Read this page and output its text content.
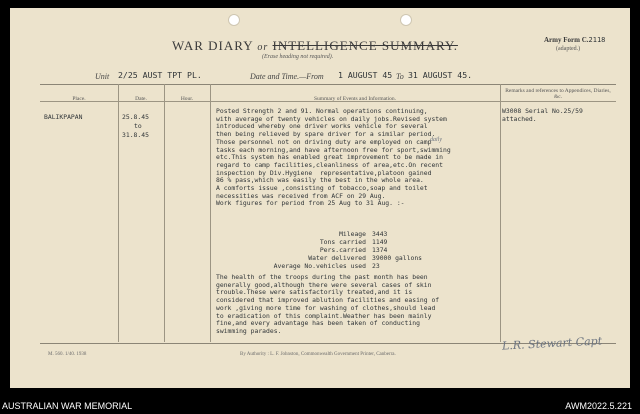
WAR DIARY or INTELLIGENCE SUMMARY.
(Erase heading not required).
Army Form C.2118
(adapted.)
Unit 2/25 AUST TPT PL.	Date and Time.—From 1 AUGUST 45 To 31 AUGUST 45.
Place.	Date.	Hour.	Summary of Events and Information.
Remarks and references to Appendices, Diaries, &c.
BALIKPAPAN	25.8.45
to
31.8.45
Posted Strength 2 and 91. Normal operations continuing,
with average of twenty vehicles on daily jobs.Revised system
introduced whereby one driver works vehicle for several
then being relieved by spare driver for a similar period.
Those personnel not on driving duty are employed on camp
tasks each morning,and have afternoon free for sport,swimming
etc.This system has enabled great improvement to be made in
regard to camp facilities,cleanliness of area,etc.On recent
inspection by Div.Hygiene  representative,platoon gained
86 % pass,which was easily the best in the whole area.
A comforts issue ,consisting of tobacco,soap and toilet
necessities was received from ACF on 29 Aug.
Work figures for period from 25 Aug to 31 Aug. :-
daily
Mileage 3443
Tons carried 1149
Pers.carried 1374
Water delivered 39000 gallons
Average No.vehicles used 23
The health of the troops during the past month has been
generally good,although there were several cases of skin
trouble.These were satisfactorily treated,and it is
considered that improved ablution facilities and easing of
work ,giving more time for washing of clothes,should lead
to eradication of this complaint.Weather has been mainly
fine,and every advantage has been taken of conducting
swimming parades.
W3008 Serial No.25/59
attached.
M. 560. 1/40. 1938	By Authority : L. F. Johnston, Commonwealth Government Printer, Canberra.
L.R. Stewart Capt
AUSTRALIAN WAR MEMORIAL	AWM2022.5.221
